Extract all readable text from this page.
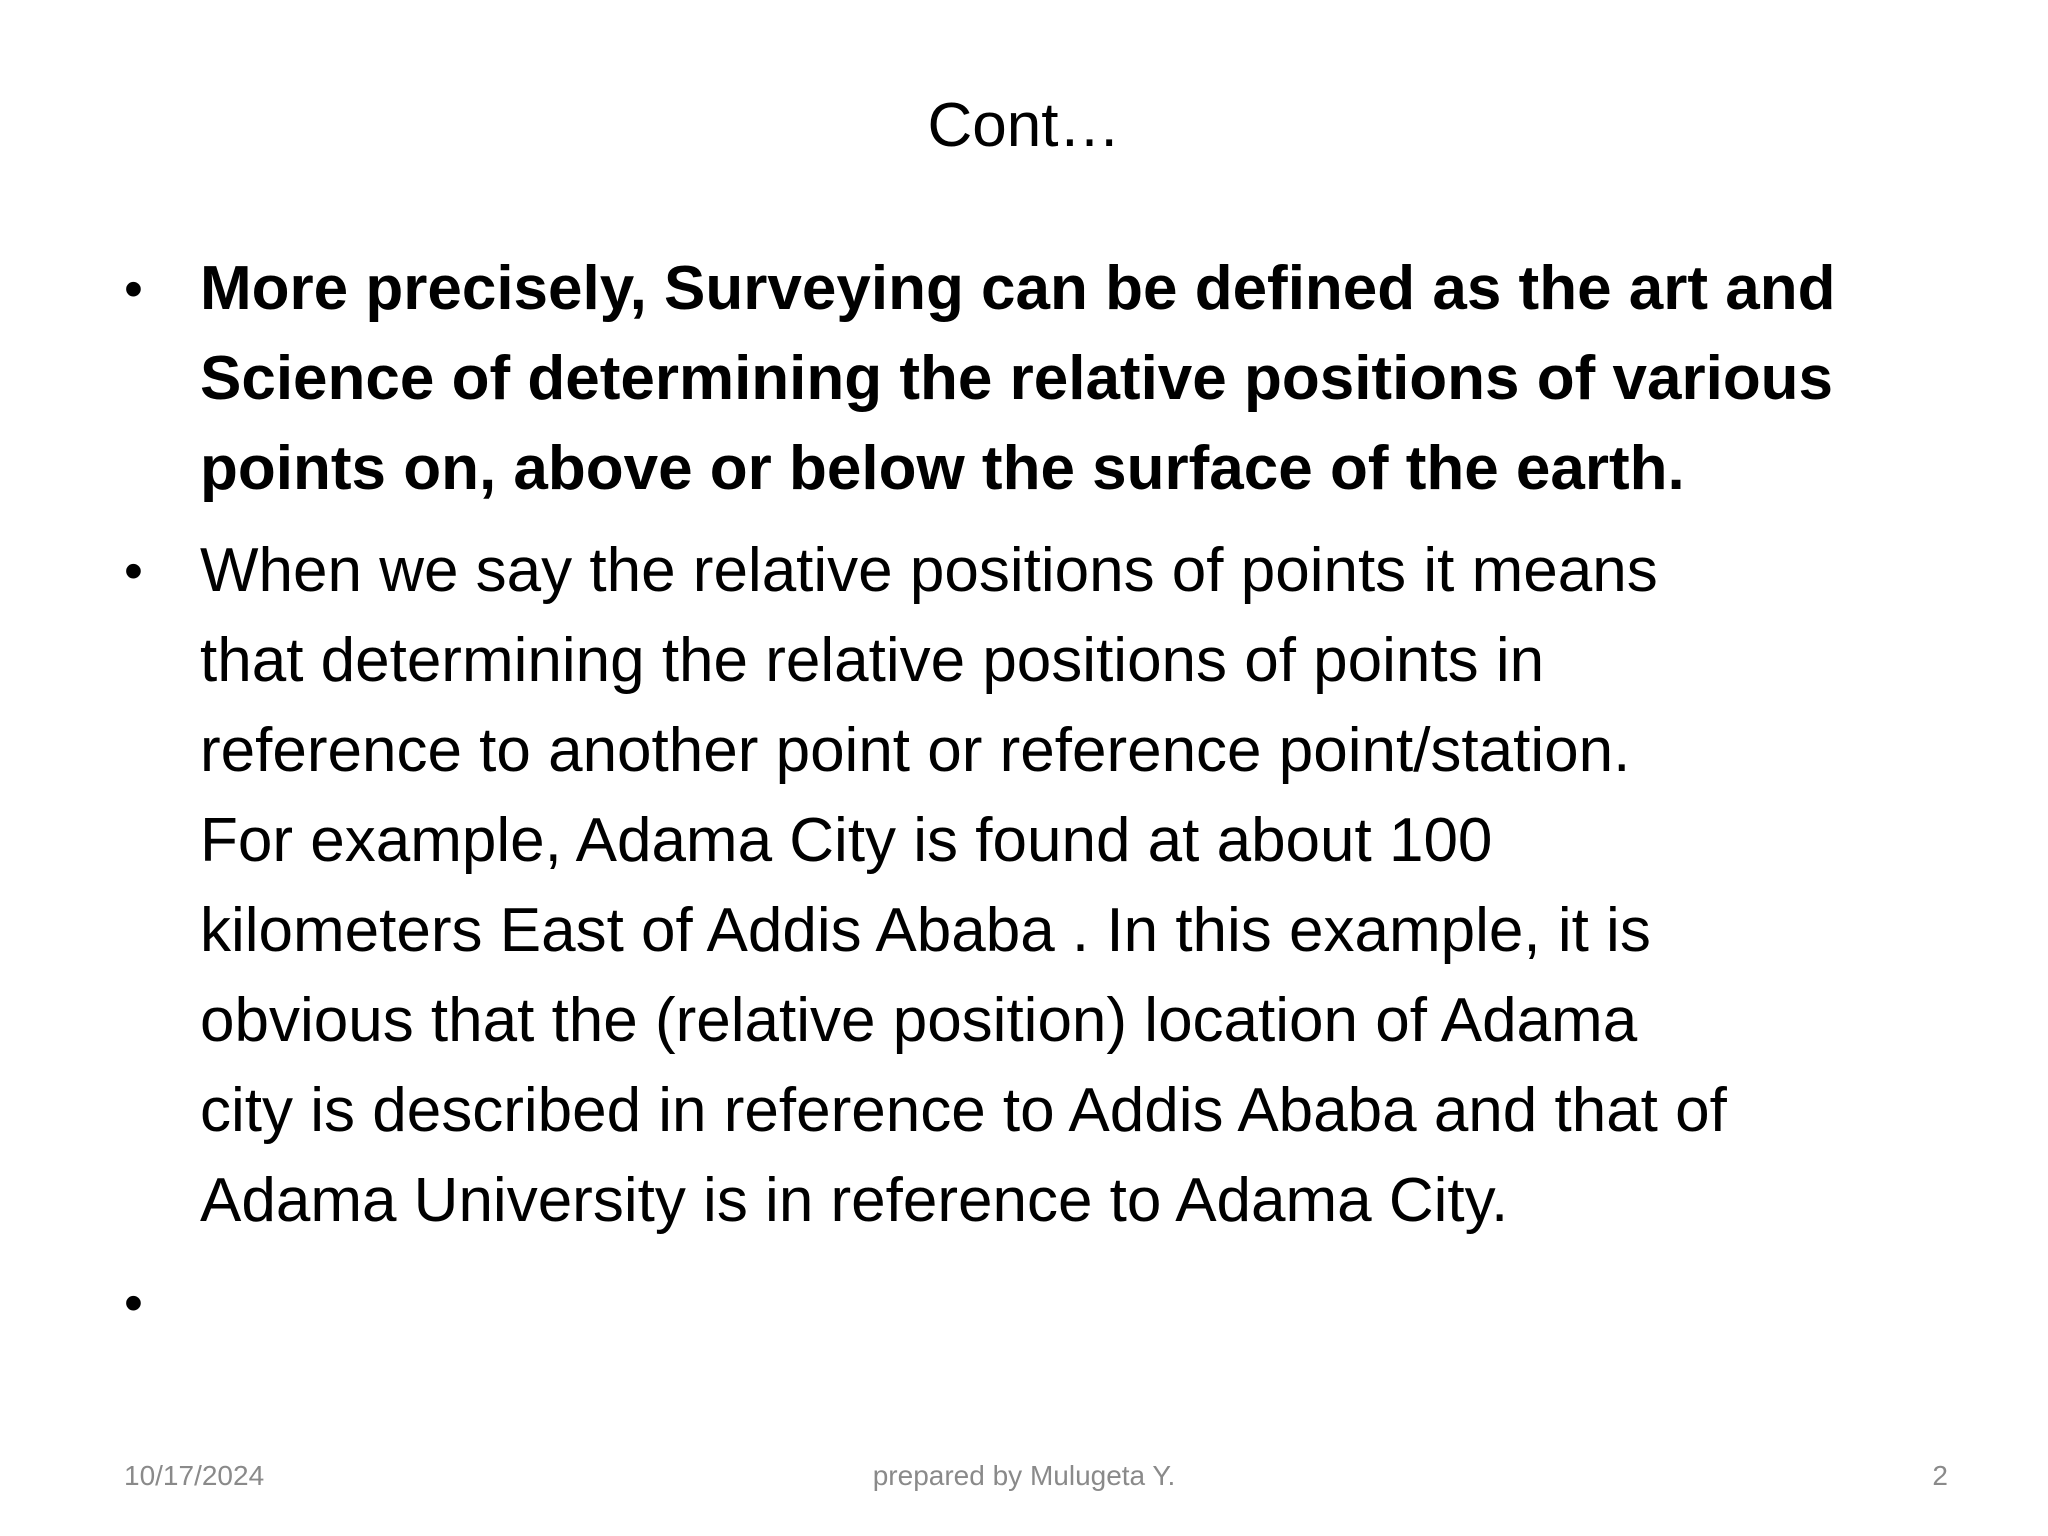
Cont…
• More precisely, Surveying can be defined as the art and
Science of determining the relative positions of various
points on, above or below the surface of the earth.
• When we say the relative positions of points it means
that determining the relative positions of points in
reference to another point or reference point/station.
For example, Adama City is found at about 100
kilometers East of Addis Ababa . In this example, it is
obvious that the (relative position) location of Adama
city is described in reference to Addis Ababa and that of
Adama University is in reference to Adama City.
•
10/17/2024	prepared by Mulugeta Y.	2
